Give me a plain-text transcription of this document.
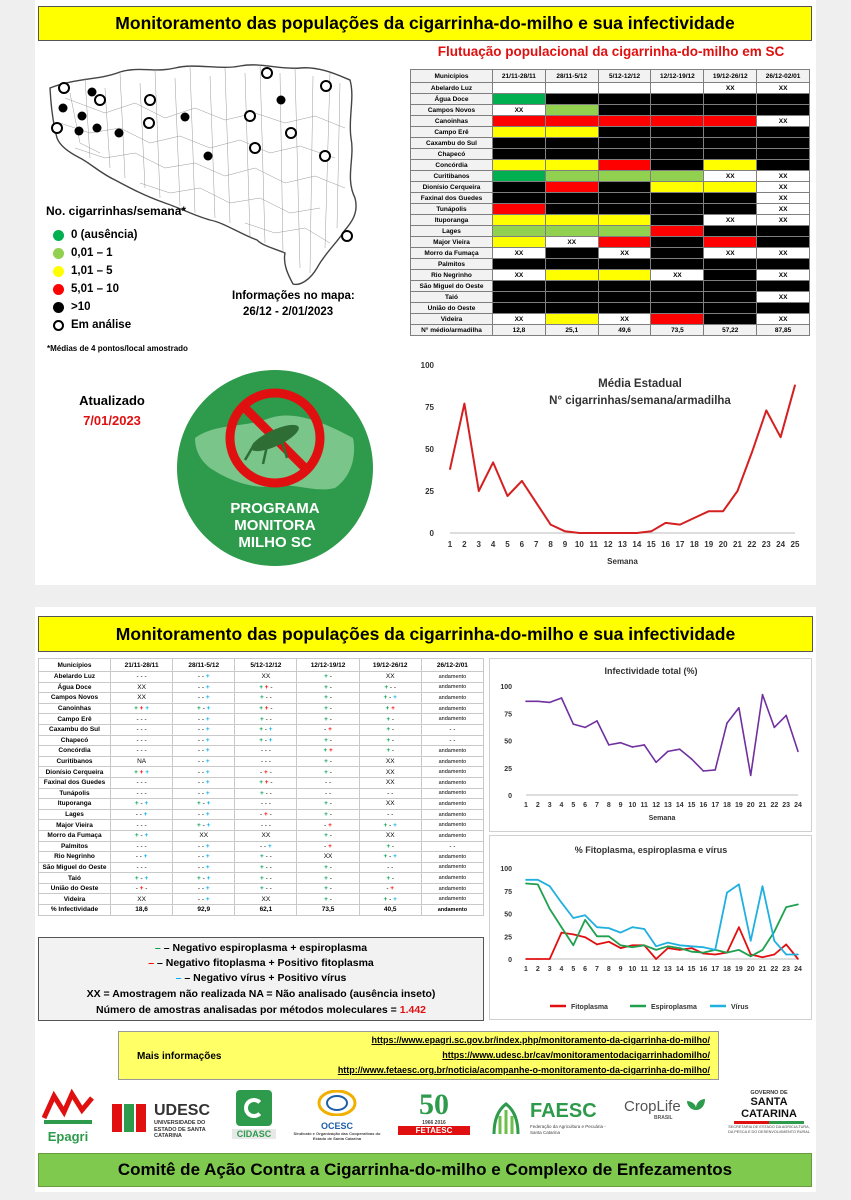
Monitoramento das populações da cigarrinha-do-milho e sua infectividade
No. cigarrinhas/semana*
0 (ausência)
0,01 – 1
1,01 – 5
5,01 – 10
>10
Em análise
*Médias de 4 pontos/local amostrado
Informações no mapa:
26/12 - 2/01/2023
Flutuação populacional da cigarrinha-do-milho em SC
Municípios	21/11-28/11	28/11-5/12	5/12-12/12	12/12-19/12	19/12-26/12	26/12-02/01
Abelardo Luz					XX	XX
Água Doce						
Campos Novos	XX					
Canoinhas						XX
Campo Erê						
Caxambu do Sul						
Chapecó						
Concórdia						
Curitibanos					XX	XX
Dionísio Cerqueira						XX
Faxinal dos Guedes						XX
Tunápolis						XX
Ituporanga					XX	XX
Lages						
Major Vieira		XX				
Morro da Fumaça	XX		XX		XX	XX
Palmitos						
Rio Negrinho	XX			XX		XX
São Miguel do Oeste						
Taió						XX
União do Oeste						
Videira	XX		XX			XX
N° médio/armadilha	12,8	25,1	49,6	73,5	57,22	87,85
Atualizado
7/01/2023
PROGRAMA
MONITORA
MILHO SC
Média Estadual
N° cigarrinhas/semana/armadilha
0
25
50
75
100
1 2 3 4 5 6 7 8 9 10 11 12 13 14 15 16 17 18 19 20 21 22 23 24 25
Semana
Monitoramento das populações da cigarrinha-do-milho e sua infectividade
Municípios	21/11-28/11	28/11-5/12	5/12-12/12	12/12-19/12	19/12-26/12	26/12-2/01
Abelardo Luz	- - -	- - +	XX	+ -	XX	andamento
Água Doce	XX	- - +	+ + -	+ -	+ - -	andamento
Campos Novos	XX	- - +	+ - -	+ -	+ - +	andamento
Canoinhas	+ + +	+ - +	+ + -	+ -	+ +	andamento
Campo Erê	- - -	- - +	+ - -	+ -	+ -	andamento
Caxambu do Sul	- - -	- - +	+ - +	- +	+ -	- -
Chapecó	- - -	- - +	+ - +	+ -	+ -	- -
Concórdia	- - -	- - +	- - -	+ +	+ -	andamento
Curitibanos	NA	- - +	- - -	+ -	XX	andamento
Dionísio Cerqueira	+ + +	- - +	- + -	+ -	XX	andamento
Faxinal dos Guedes	- - -	- - +	+ + -	- -	XX	andamento
Tunápolis	- - -	- - +	+ - -	- -	- -	andamento
Ituporanga	+ - +	+ - +	- - -	+ -	XX	andamento
Lages	- - +	- - +	- + -	+ -	- -	andamento
Major Vieira	- - -	+ - +	- - -	- +	+ - +	andamento
Morro da Fumaça	+ - +	XX	XX	+ -	XX	andamento
Palmitos	- - -	- - +	- - +	- +	+ -	- -
Rio Negrinho	- - +	- - +	+ - -	XX	+ - +	andamento
São Miguel do Oeste	- - -	- - +	+ - -	+ -	- -	andamento
Taió	+ - +	+ - +	+ - -	+ -	+ -	andamento
União do Oeste	- + -	- - +	+ - -	+ -	- +	andamento
Videira	XX	- - +	XX	+ -	+ - +	andamento
% Infectividade	18,6	92,9	62,1	73,5	40,5	andamento
– – Negativo espiroplasma + espiroplasma
– – Negativo fitoplasma + Positivo fitoplasma
– – Negativo vírus + Positivo vírus
XX = Amostragem não realizada NA = Não analisado (ausência inseto)
Número de amostras analisadas por métodos moleculares = 1.442
Infectividade total (%)
0
25
50
75
100
1 2 3 4 5 6 7 8 9 10 11 12 13 14 15 16 17 18 19 20 21 22 23 24
Semana
% Fitoplasma, espiroplasma e vírus
0
25
50
75
100
1 2 3 4 5 6 7 8 9 10 11 12 13 14 15 16 17 18 19 20 21 22 23 24
Fitoplasma	Espiroplasma	Vírus
Mais informações
https://www.epagri.sc.gov.br/index.php/monitoramento-da-cigarrinha-do-milho/
https://www.udesc.br/cav/monitoramentodacigarrinhadomilho/
http://www.fetaesc.org.br/noticia/acompanhe-o-monitoramento-da-cigarrinha-do-milho/
Epagri
UDESC
UNIVERSIDADE DO ESTADO DE SANTA CATARINA	CIDASC
OCESC
Sindicato e Organização das Cooperativas do Estado de Santa Catarina
50
1966 2016
FETAESC
FAESC
Federação da Agricultura e Pecuária - Santa Catarina
CropLife
BRASIL
GOVERNO DE
SANTA CATARINA
SECRETARIA DE ESTADO DA AGRICULTURA, DA PESCA E DO DESENVOLVIMENTO RURAL
Comitê de Ação Contra a Cigarrinha-do-milho e Complexo de Enfezamentos
